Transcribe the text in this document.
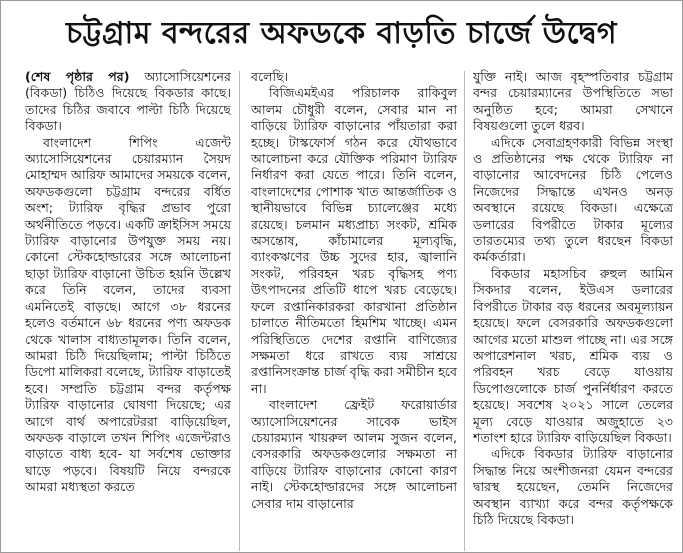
চট্টগ্রাম বন্দরের অফডকে বাড়তি চার্জে উদ্বেগ

(শেষ পৃষ্ঠার পর) অ্যাসোসিয়েশনের (বিকডা) চিঠিও দিয়েছে বিকডার কাছে। তাদের চিঠির জবাবে পাল্টা চিঠি দিয়েছে বিকডা।

বাংলাদেশ শিপিং এজেন্ট অ্যাসোসিয়েশনের চেয়ারম্যান সৈয়দ মোহাম্মদ আরিফ আমাদের সময়কে বলেন, অফডকগুলো চট্টগ্রাম বন্দরের বর্ধিত অংশ; ট্যারিফ বৃদ্ধির প্রভাব পুরো অর্থনীতিতে পড়বে। একটি ক্রাইসিস সময়ে ট্যারিফ বাড়ানোর উপযুক্ত সময় নয়। কোনো স্টেকহোল্ডারের সঙ্গে আলোচনা ছাড়া ট্যারিফ বাড়ানো উচিত হয়নি উল্লেখ করে তিনি বলেন, তাদের ব্যবসা এমনিতেই বাড়ছে। আগে ৩৮ ধরনের হলেও বর্তমানে ৬৮ ধরনের পণ্য অফডক থেকে খালাস বাধ্যতামূলক। তিনি বলেন, আমরা চিঠি দিয়েছিলাম; পাল্টা চিঠিতে ডিপো মালিকরা বলেছে, ট্যারিফ বাড়াতেই হবে। সম্প্রতি চট্টগ্রাম বন্দর কর্তৃপক্ষ ট্যারিফ বাড়ানোর ঘোষণা দিয়েছে; এর আগে বার্থ অপারেটররা বাড়িয়েছিল, অফডক বাড়ালে তখন শিপিং এজেন্টরাও বাড়াতে বাধ্য হবে- যা সর্বশেষ ভোক্তার ঘাড়ে পড়বে। বিষয়টি নিয়ে বন্দরকে আমরা মধ্যস্থতা করতে

বলেছি।

বিজিএমইএর পরিচালক রাকিবুল আলম চৌধুরী বলেন, সেবার মান না বাড়িয়ে ট্যারিফ বাড়ানোর পাঁয়তারা করা হচ্ছে। টাস্কফোর্স গঠন করে যৌথভাবে আলোচনা করে যৌক্তিক পরিমাণ ট্যারিফ নির্ধারণ করা যেতে পারে। তিনি বলেন, বাংলাদেশের পোশাক খাত আন্তর্জাতিক ও স্থানীয়ভাবে বিভিন্ন চ্যালেঞ্জের মধ্যে রয়েছে। চলমান মধ্যপ্রাচ্য সংকট, শ্রমিক অসন্তোষ, কাঁচামালের মূল্যবৃদ্ধি, ব্যাংকঋণের উচ্চ সুদের হার, জ্বালানি সংকট, পরিবহন খরচ বৃদ্ধিসহ পণ্য উৎপাদনের প্রতিটি ধাপে খরচ বেড়েছে। ফলে রপ্তানিকারকরা কারখানা প্রতিষ্ঠান চালাতে নীতিমতো হিমশিম খাচ্ছে। এমন পরিস্থিতিতে দেশের রপ্তানি বাণিজ্যের সক্ষমতা ধরে রাখতে ব্যয় সাশ্রয়ে রপ্তানিসংক্রান্ত চার্জ বৃদ্ধি করা সমীচীন হবে না।

বাংলাদেশ ফ্রেইট ফরোয়ার্ডার অ্যাসোসিয়েশনের সাবেক ভাইস চেয়ারম্যান খায়রুল আলম সুজন বলেন, বেসরকারি অফডকগুলোর সক্ষমতা না বাড়িয়ে ট্যারিফ বাড়ানোর কোনো কারণ নাই। স্টেকহোল্ডারদের সঙ্গে আলোচনা সেবার দাম বাড়ানোর

যুক্তি নাই। আজ বৃহস্পতিবার চট্টগ্রাম বন্দর চেয়ারম্যানের উপস্থিতিতে সভা অনুষ্ঠিত হবে; আমরা সেখানে বিষয়গুলো তুলে ধরব।

এদিকে সেবাগ্রহণকারী বিভিন্ন সংস্থা ও প্রতিষ্ঠানের পক্ষ থেকে ট্যারিফ না বাড়ানোর আবেদনের চিঠি পেলেও নিজেদের সিদ্ধান্তে এখনও অনড় অবস্থানে রয়েছে বিকডা। এক্ষেত্রে ডলারের বিপরীতে টাকার মূল্যের তারতম্যের তথ্য তুলে ধরছেন বিকডা কর্মকর্তারা।

বিকডার মহাসচিব রুহুল আমিন সিকদার বলেন, ইউএস ডলারের বিপরীতে টাকার বড় ধরনের অবমূল্যায়ন হয়েছে। ফলে বেসরকারি অফডকগুলো আগের মতো মাশুল পাচ্ছে না। এর সঙ্গে অপারেশনাল খরচ, শ্রমিক ব্যয় ও পরিবহন খরচ বেড়ে যাওয়ায় ডিপোগুলোকে চার্জ পুনর্নির্ধারণ করতে হয়েছে। সবশেষ ২০২১ সালে তেলের মূল্য বেড়ে যাওয়ার অজুহাতে ২৩ শতাংশ হারে ট্যারিফ বাড়িয়েছিল বিকডা।

এদিকে বিকডার ট্যারিফ বাড়ানোর সিদ্ধান্ত নিয়ে অংশীজনরা যেমন বন্দরের দ্বারস্থ হয়েছেন, তেমনি নিজেদের অবস্থান ব্যাখ্যা করে বন্দর কর্তৃপক্ষকে চিঠি দিয়েছে বিকডা।
